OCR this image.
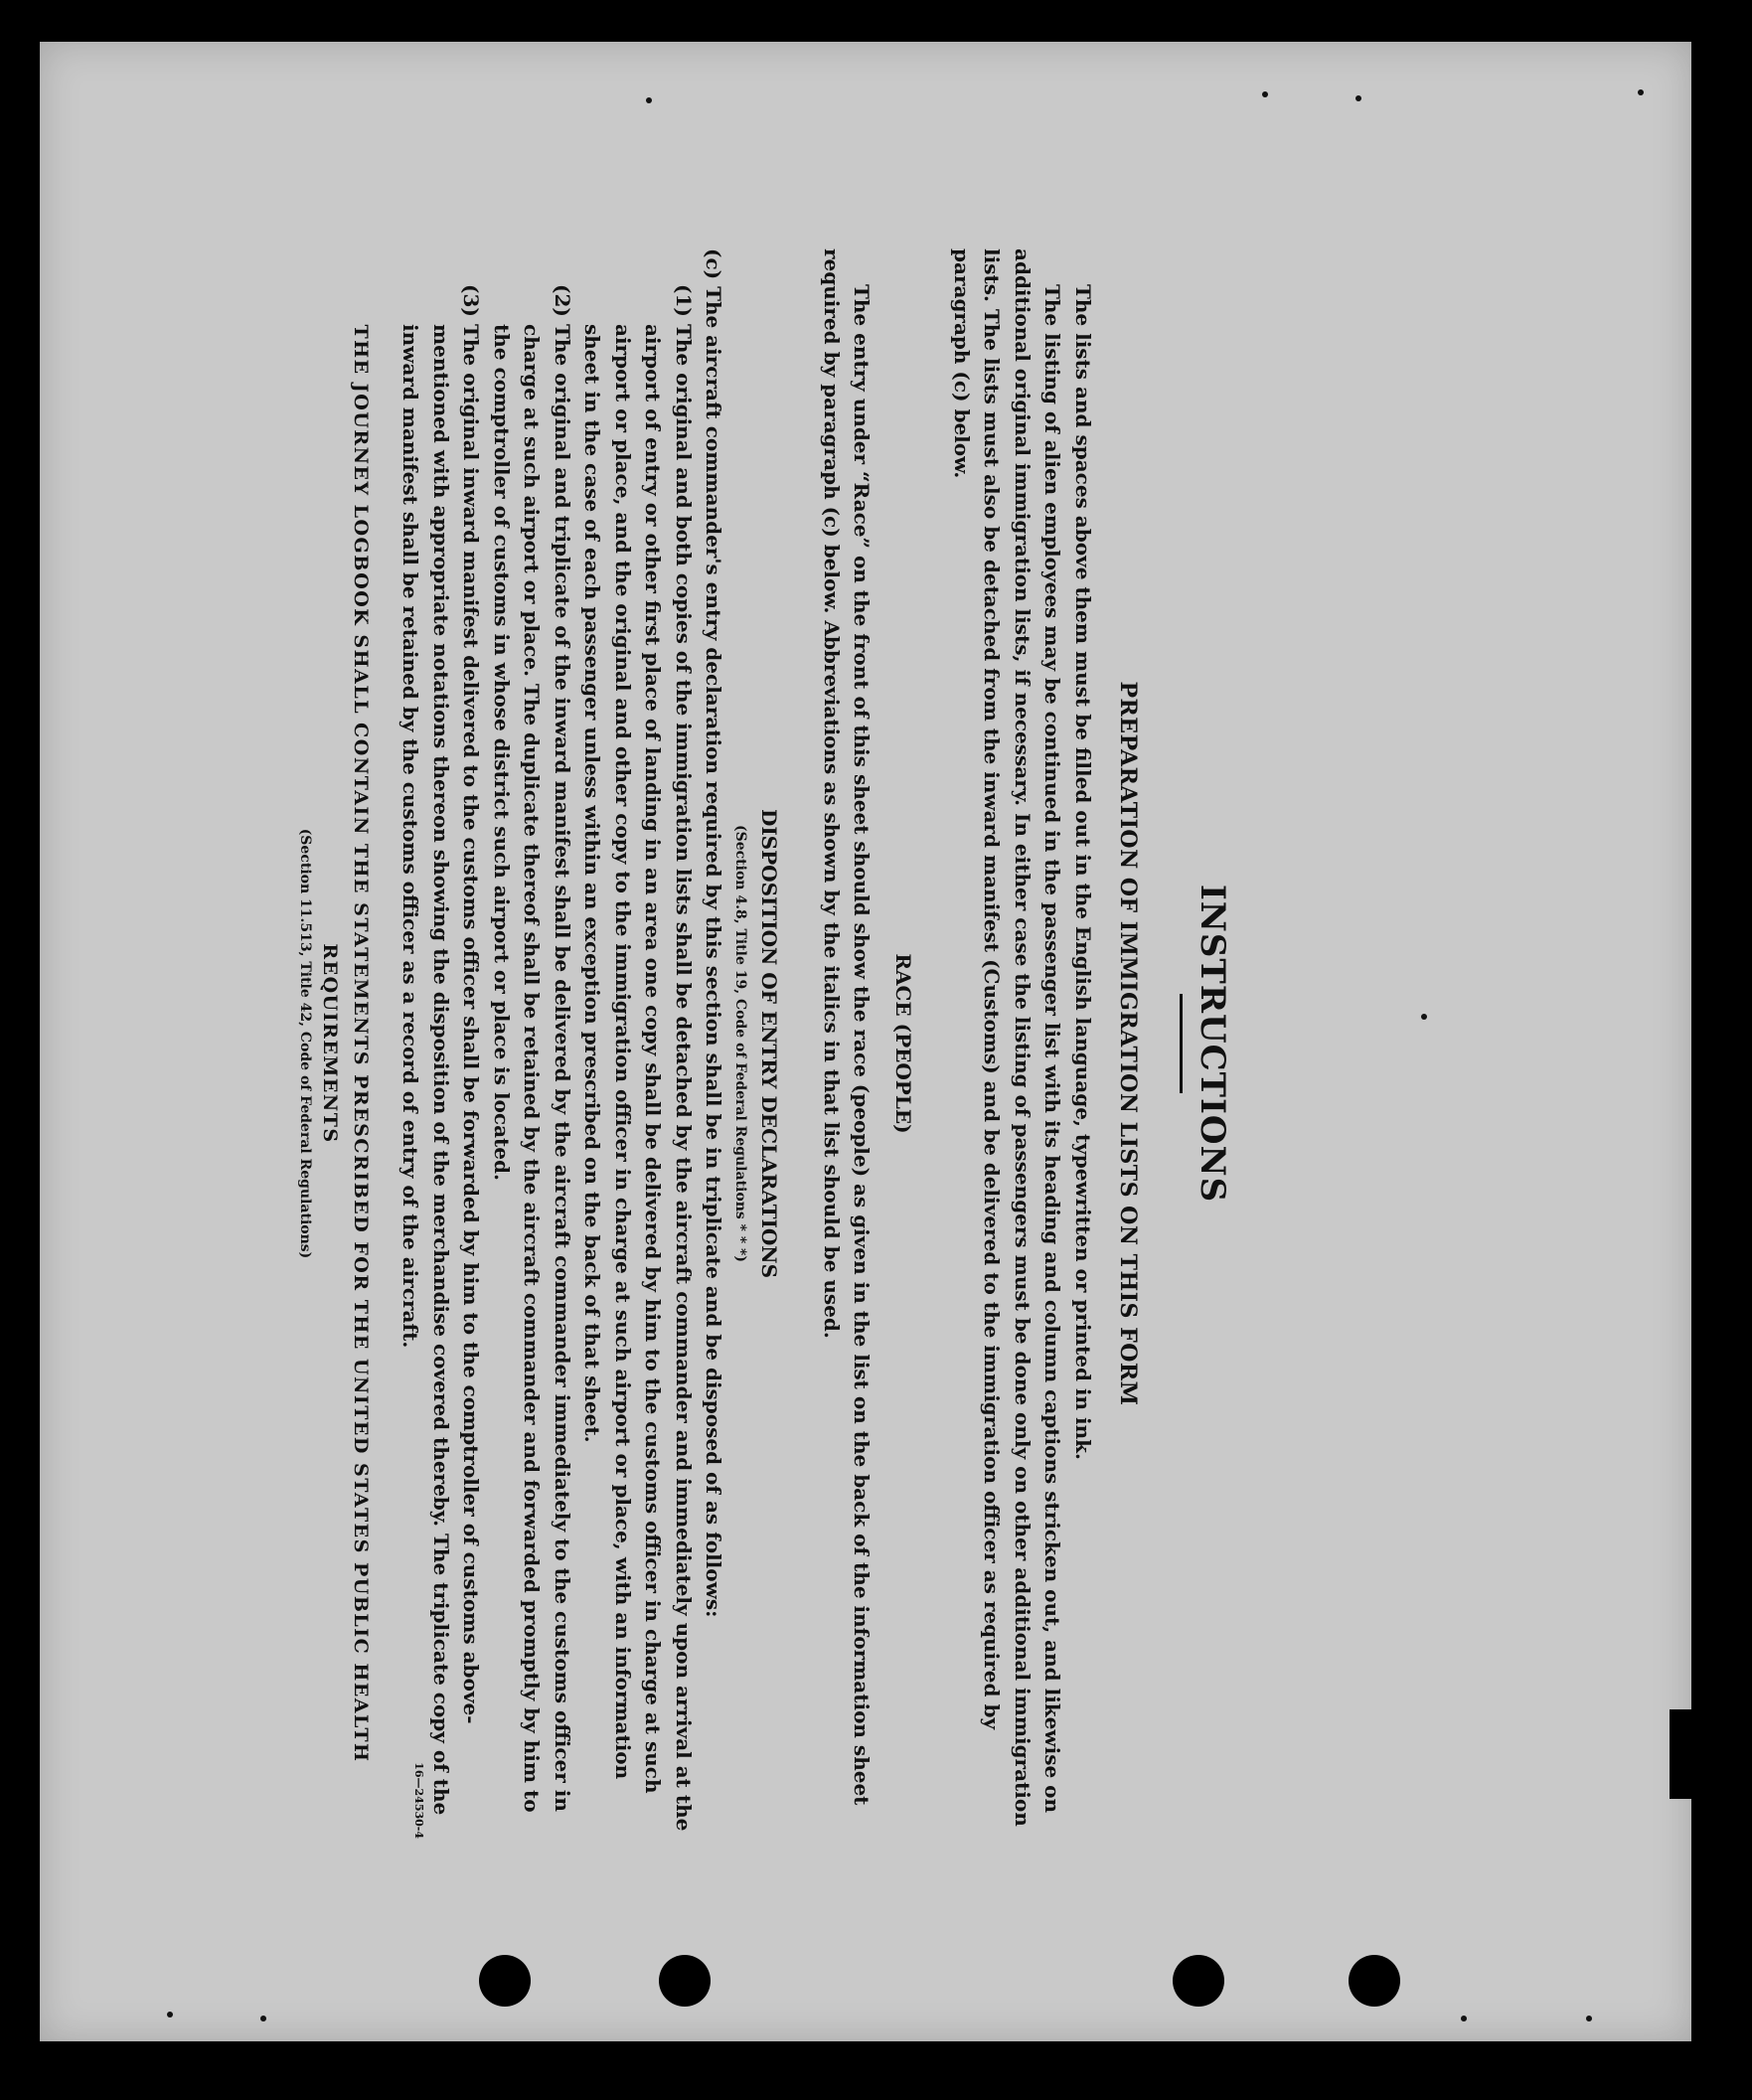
INSTRUCTIONS
PREPARATION OF IMMIGRATION LISTS ON THIS FORM

The lists and spaces above them must be filled out in the English language, typewritten or printed in ink.

The listing of alien employees may be continued in the passenger list with its heading and column captions stricken out, and likewise on additional original immigration lists, if necessary. In either case the listing of passengers must be done only on other additional immigration lists. The lists must also be detached from the inward manifest (Customs) and be delivered to the immigration officer as required by paragraph (c) below.

RACE (PEOPLE)

The entry under “Race” on the front of this sheet should show the race (people) as given in the list on the back of the information sheet required by paragraph (c) below. Abbreviations as shown by the italics in that list should be used.

DISPOSITION OF ENTRY DECLARATIONS
(Section 4.8, Title 19, Code of Federal Regulations * * *)

(c) The aircraft commander's entry declaration required by this section shall be in triplicate and be disposed of as follows:

(1)The original and both copies of the immigration lists shall be detached by the aircraft commander and immediately upon arrival at the airport of entry or other first place of landing in an area one copy shall be delivered by him to the customs officer in charge at such airport or place, and the original and other copy to the immigration officer in charge at such airport or place, with an information sheet in the case of each passenger unless within an exception prescribed on the back of that sheet.
(2)The original and triplicate of the inward manifest shall be delivered by the aircraft commander immediately to the customs officer in charge at such airport or place. The duplicate thereof shall be retained by the aircraft commander and forwarded promptly by him to the comptroller of customs in whose district such airport or place is located.
(3)The original inward manifest delivered to the customs officer shall be forwarded by him to the comptroller of customs above-mentioned with appropriate notations thereon showing the disposition of the merchandise covered thereby. The triplicate copy of the inward manifest shall be retained by the customs officer as a record of entry of the aircraft.
16—24530-4
THE JOURNEY LOGBOOK SHALL CONTAIN THE STATEMENTS PRESCRIBED FOR THE UNITED STATES PUBLIC HEALTH REQUIREMENTS
(Section 11.513, Title 42, Code of Federal Regulations)
